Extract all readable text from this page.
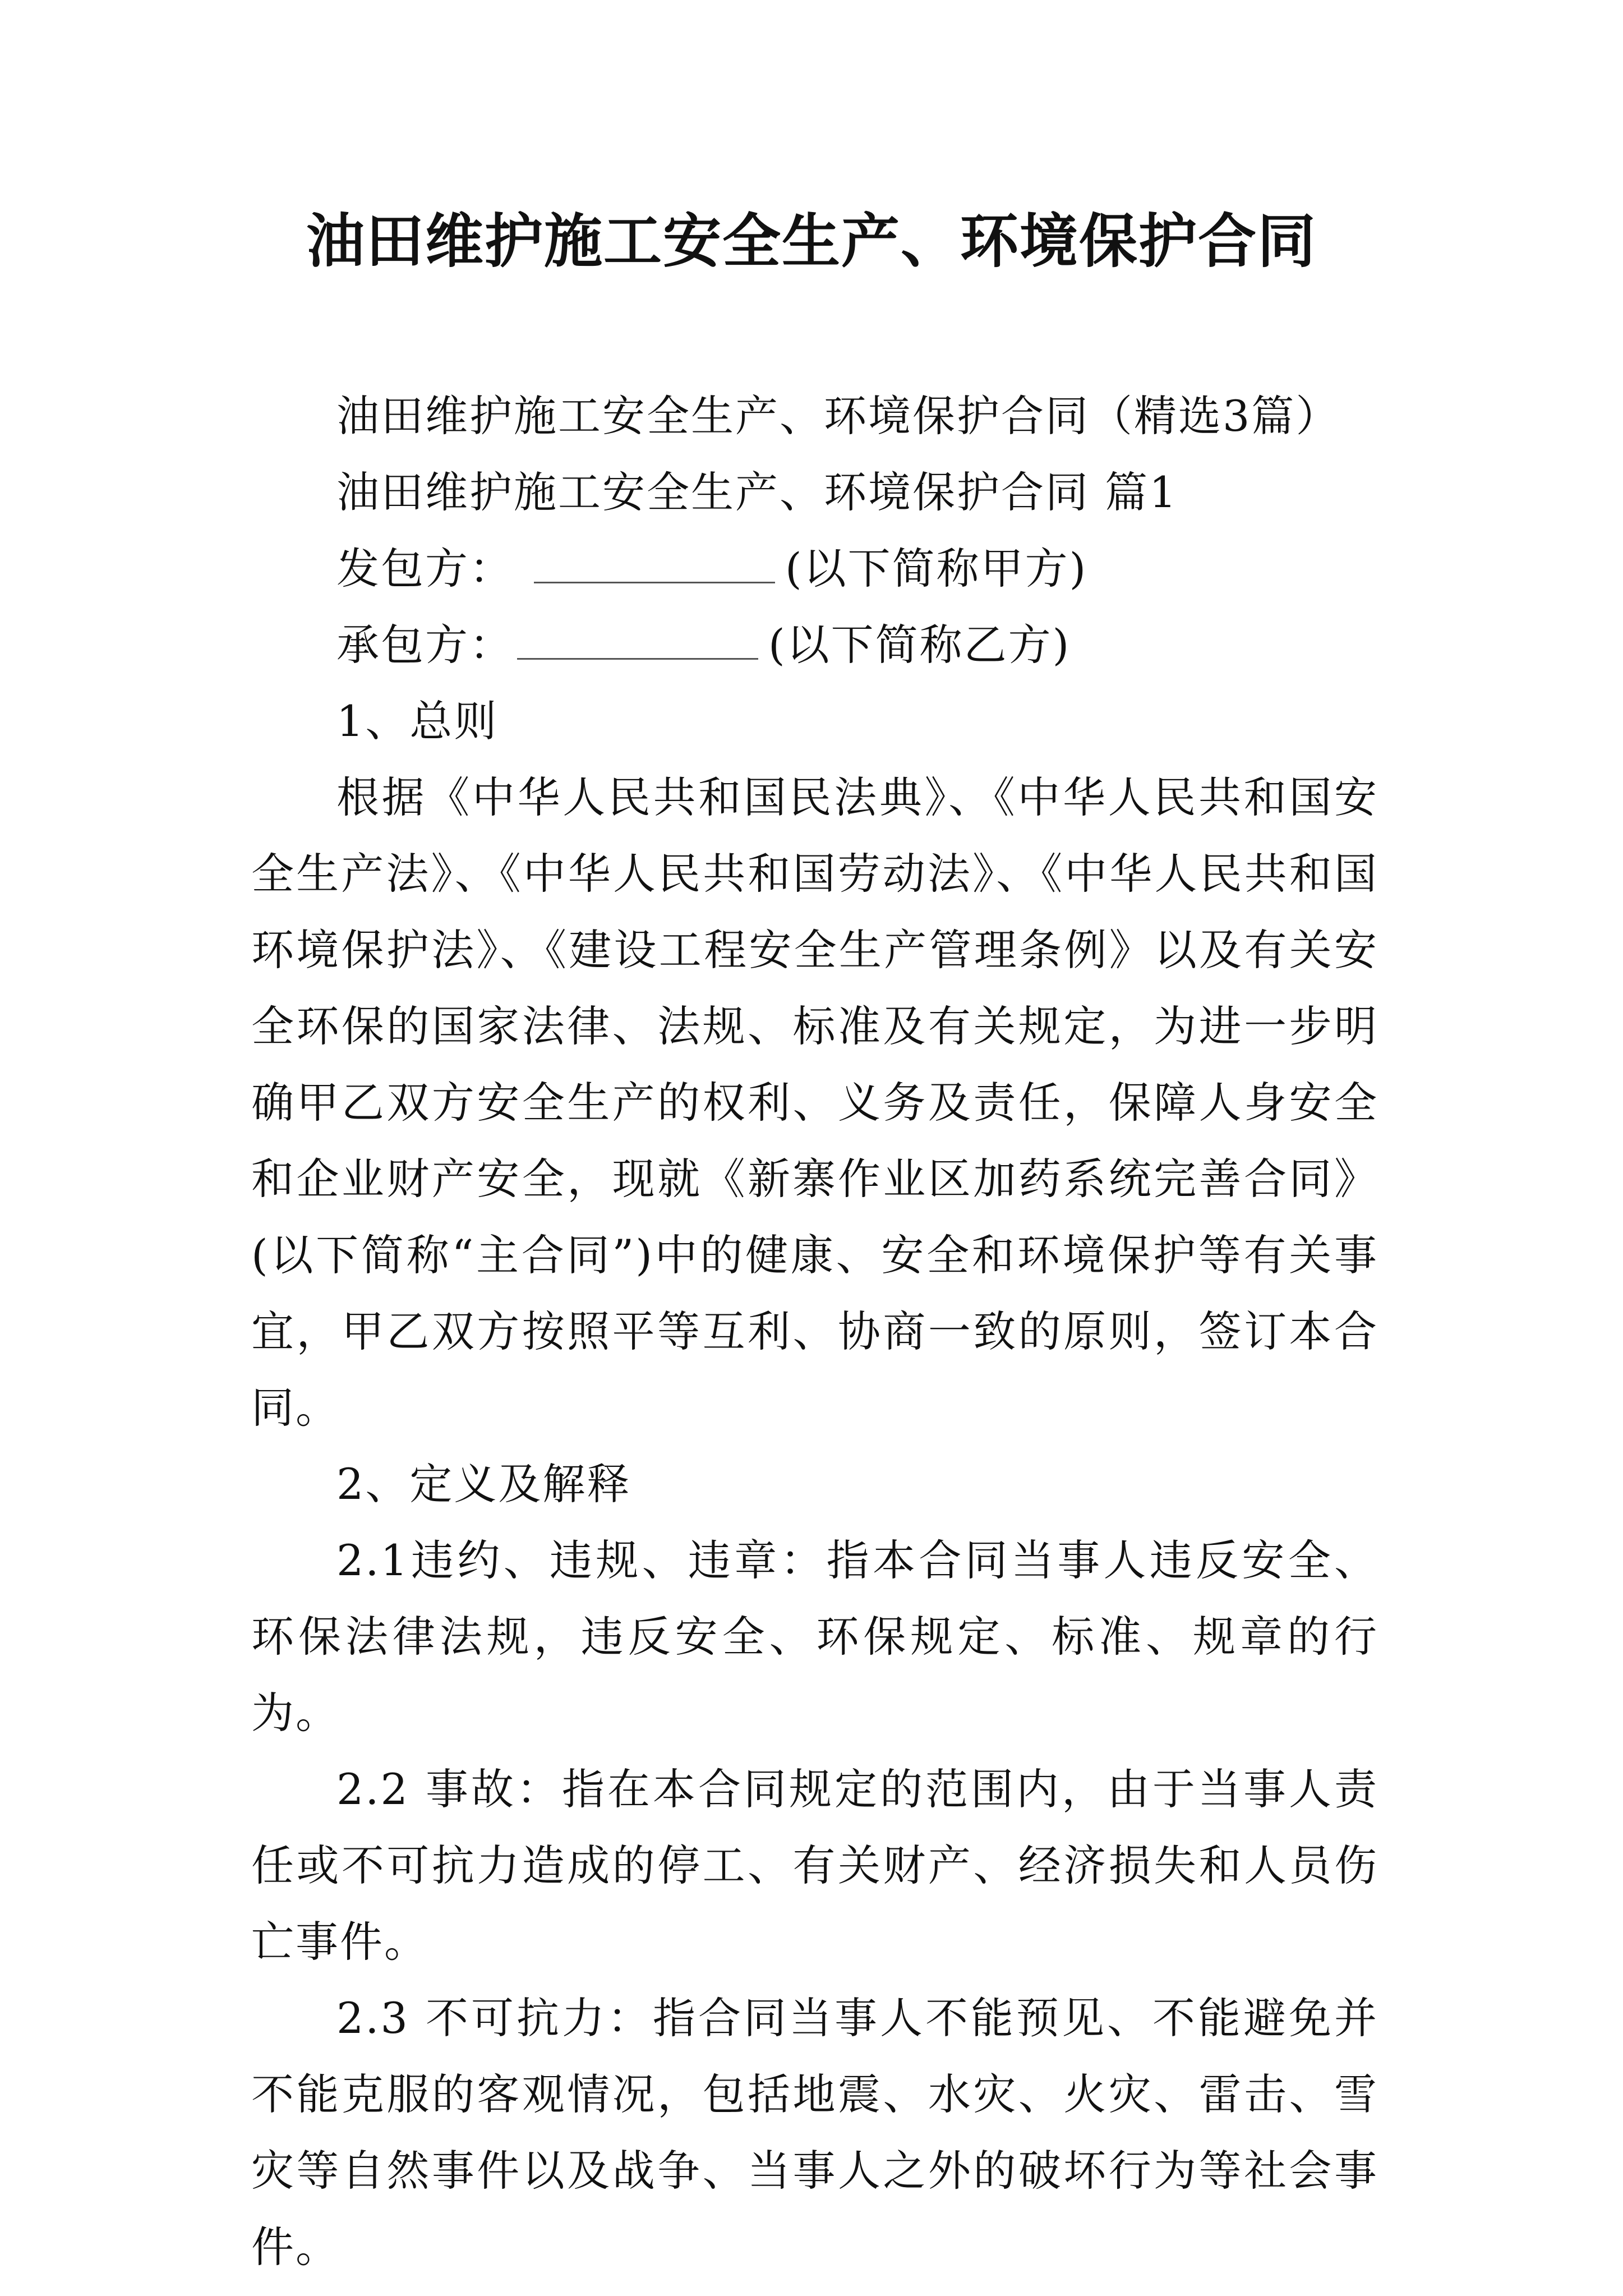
油田维护施工安全生产、环境保护合同

油田维护施工安全生产、环境保护合同（精选3篇）

油田维护施工安全生产、环境保护合同 篇1

发包方：	(以下简称甲方)

承包方：	(以下简称乙方)

1、总则

根据《中华人民共和国民法典》、《中华人民共和国安全生产法》、《中华人民共和国劳动法》、《中华人民共和国环境保护法》、《建设工程安全生产管理条例》以及有关安全环保的国家法律、法规、标准及有关规定，为进一步明确甲乙双方安全生产的权利、义务及责任，保障人身安全和企业财产安全，现就《新寨作业区加药系统完善合同》(以下简称“主合同”)中的健康、安全和环境保护等有关事宜，甲乙双方按照平等互利、协商一致的原则，签订本合同。

2、定义及解释

2.1违约、违规、违章：指本合同当事人违反安全、环保法律法规，违反安全、环保规定、标准、规章的行为。

2.2 事故：指在本合同规定的范围内，由于当事人责任或不可抗力造成的停工、有关财产、经济损失和人员伤亡事件。

2.3 不可抗力：指合同当事人不能预见、不能避免并不能克服的客观情况，包括地震、水灾、火灾、雷击、雪灾等自然事件以及战争、当事人之外的破坏行为等社会事件。
